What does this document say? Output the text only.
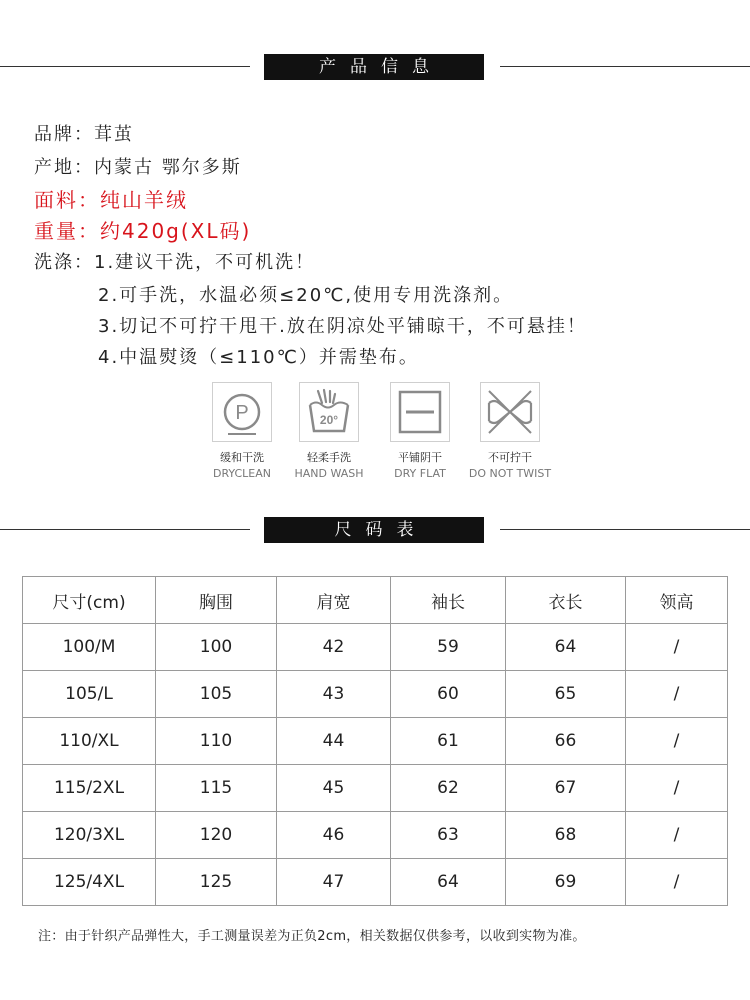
产品信息
品牌：茸茧
产地：内蒙古 鄂尔多斯
面料：纯山羊绒
重量：约420g(XL码)
洗涤：1.建议干洗，不可机洗！
2.可手洗，水温必须≤20℃,使用专用洗涤剂。
3.切记不可拧干甩干.放在阴凉处平铺晾干，不可悬挂！
4.中温熨烫（≤110℃）并需垫布。
P
缓和干洗
DRYCLEAN
20°
轻柔手洗
HAND WASH
平铺阴干
DRY FLAT
不可拧干
DO NOT TWIST
尺码表
尺寸(cm)	胸围	肩宽	袖长	衣长	领高
100/M	100	42	59	64	/
105/L	105	43	60	65	/
110/XL	110	44	61	66	/
115/2XL	115	45	62	67	/
120/3XL	120	46	63	68	/
125/4XL	125	47	64	69	/
注：由于针织产品弹性大，手工测量误差为正负2cm，相关数据仅供参考，以收到实物为准。
